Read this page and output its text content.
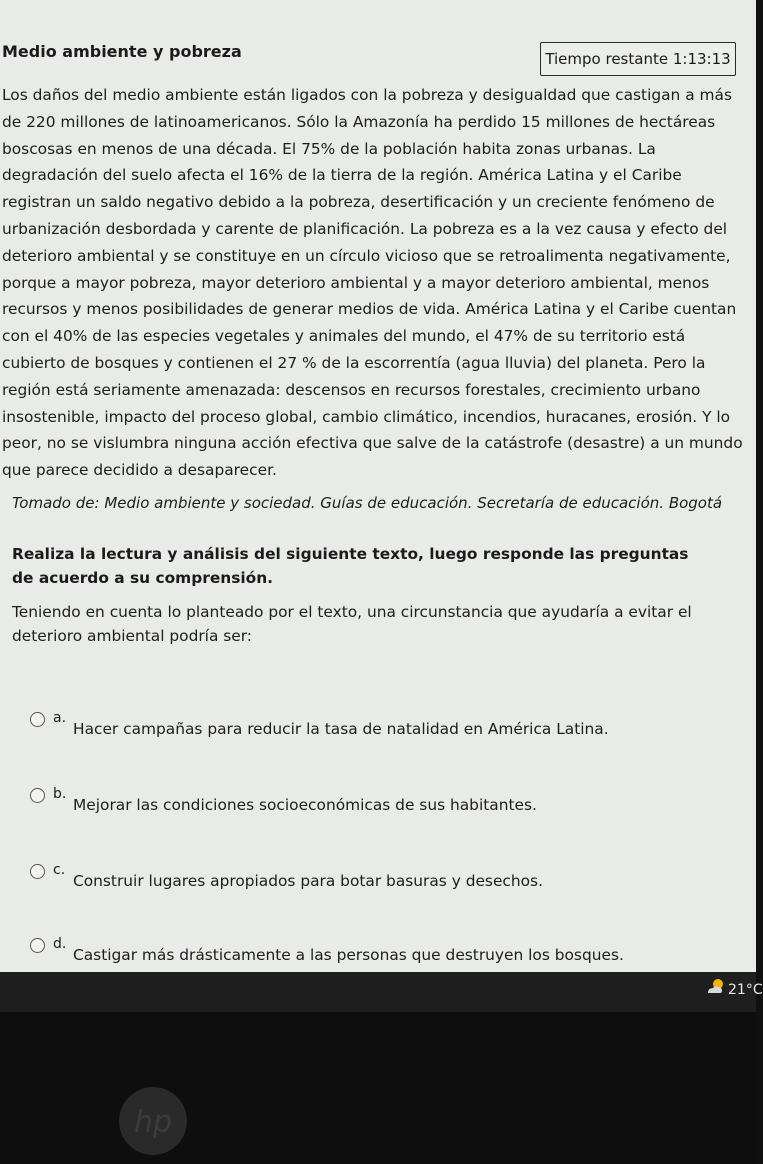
Medio ambiente y pobreza	Tiempo restante
1:13:13

Los daños del medio ambiente están ligados con la pobreza y desigualdad que castigan a más de 220 millones de latinoamericanos. Sólo la Amazonía ha perdido 15 millones de hectáreas boscosas en menos de una década. El 75% de la población habita zonas urbanas. La degradación del suelo afecta el 16% de la tierra de la región. América Latina y el Caribe registran un saldo negativo debido a la pobreza, desertificación y un creciente fenómeno de urbanización desbordada y carente de planificación. La pobreza es a la vez causa y efecto del deterioro ambiental y se constituye en un círculo vicioso que se retroalimenta negativamente, porque a mayor pobreza, mayor deterioro ambiental y a mayor deterioro ambiental, menos recursos y menos posibilidades de generar medios de vida. América Latina y el Caribe cuentan con el 40% de las especies vegetales y animales del mundo, el 47% de su territorio está cubierto de bosques y contienen el 27 % de la escorrentía (agua lluvia) del planeta. Pero la región está seriamente amenazada: descensos en recursos forestales, crecimiento urbano insostenible, impacto del proceso global, cambio climático, incendios, huracanes, erosión. Y lo peor, no se vislumbra ninguna acción efectiva que salve de la catástrofe (desastre) a un mundo que parece decidido a desaparecer.

Tomado de: Medio ambiente y sociedad. Guías de educación. Secretaría de educación. Bogotá

Realiza la lectura y análisis del siguiente texto, luego responde las preguntas de acuerdo a su comprensión.

Teniendo en cuenta lo planteado por el texto, una circunstancia que ayudaría a evitar el deterioro ambiental podría ser:

a.
Hacer campañas para reducir la tasa de natalidad en América Latina.
b.
Mejorar las condiciones socioeconómicas de sus habitantes.
c.
Construir lugares apropiados para botar basuras y desechos.
d.
Castigar más drásticamente a las personas que destruyen los bosques.
21°C
hp
